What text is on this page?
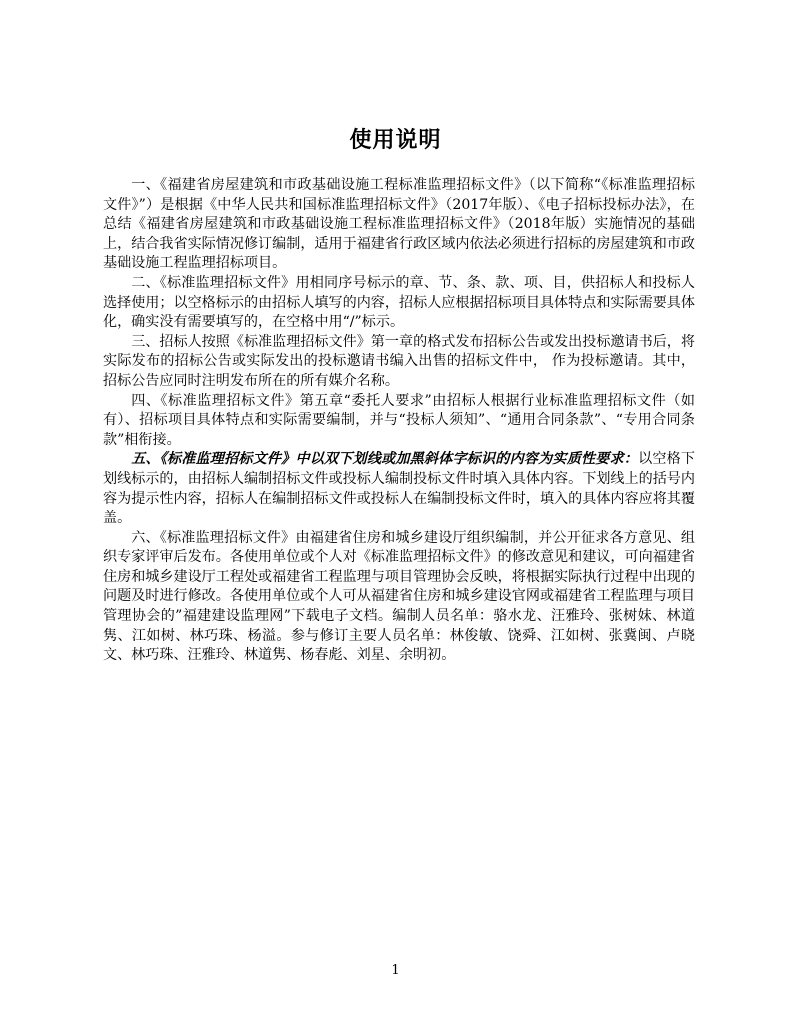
使用说明

一、《福建省房屋建筑和市政基础设施工程标准监理招标文件》（以下简称“《标准监理招标文件》”）是根据《中华人民共和国标准监理招标文件》（2017年版）、《电子招标投标办法》，在总结《福建省房屋建筑和市政基础设施工程标准监理招标文件》（2018年版）实施情况的基础上，结合我省实际情况修订编制，适用于福建省行政区域内依法必须进行招标的房屋建筑和市政基础设施工程监理招标项目。

二、《标准监理招标文件》用相同序号标示的章、节、条、款、项、目，供招标人和投标人选择使用；以空格标示的由招标人填写的内容，招标人应根据招标项目具体特点和实际需要具体化，确实没有需要填写的，在空格中用“/”标示。

三、招标人按照《标准监理招标文件》第一章的格式发布招标公告或发出投标邀请书后，将实际发布的招标公告或实际发出的投标邀请书编入出售的招标文件中， 作为投标邀请。其中，招标公告应同时注明发布所在的所有媒介名称。

四、《标准监理招标文件》第五章“委托人要求”由招标人根据行业标准监理招标文件（如有）、招标项目具体特点和实际需要编制，并与“投标人须知”、“通用合同条款”、“专用合同条款”相衔接。

五、《标准监理招标文件》中以双下划线或加黑斜体字标识的内容为实质性要求：以空格下划线标示的，由招标人编制招标文件或投标人编制投标文件时填入具体内容。下划线上的括号内容为提示性内容，招标人在编制招标文件或投标人在编制投标文件时，填入的具体内容应将其覆盖。

六、《标准监理招标文件》由福建省住房和城乡建设厅组织编制，并公开征求各方意见、组织专家评审后发布。各使用单位或个人对《标准监理招标文件》的修改意见和建议，可向福建省住房和城乡建设厅工程处或福建省工程监理与项目管理协会反映，将根据实际执行过程中出现的问题及时进行修改。各使用单位或个人可从福建省住房和城乡建设官网或福建省工程监理与项目管理协会的”福建建设监理网”下载电子文档。编制人员名单：骆水龙、汪雅玲、张树妹、林道隽、江如树、林巧珠、杨溢。参与修订主要人员名单：林俊敏、饶舜、江如树、张冀闽、卢晓文、林巧珠、汪雅玲、林道隽、杨春彪、刘星、余明初。

1
